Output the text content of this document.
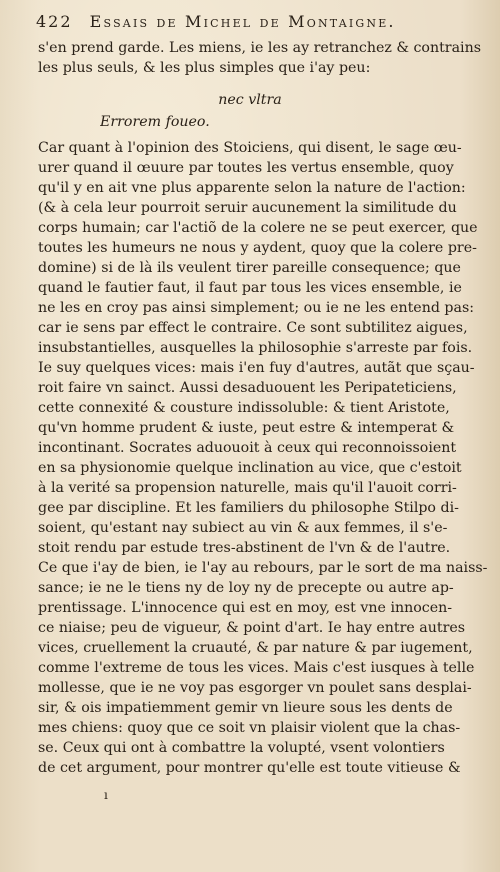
422 Essais de Michel de Montaigne.
s'en prend garde. Les miens, ie les ay retranchez & contrains
les plus seuls, & les plus simples que i'ay peu:
nec vltra
Errorem foueo.
Car quant à l'opinion des Stoiciens, qui disent, le sage œu-
urer quand il œuure par toutes les vertus ensemble, quoy
qu'il y en ait vne plus apparente selon la nature de l'action:
(& à cela leur pourroit seruir aucunement la similitude du
corps humain; car l'actiõ de la colere ne se peut exercer, que
toutes les humeurs ne nous y aydent, quoy que la colere pre-
domine) si de là ils veulent tirer pareille consequence; que
quand le fautier faut, il faut par tous les vices ensemble, ie
ne les en croy pas ainsi simplement; ou ie ne les entend pas:
car ie sens par effect le contraire. Ce sont subtilitez aigues,
insubstantielles, ausquelles la philosophie s'arreste par fois.
Ie suy quelques vices: mais i'en fuy d'autres, autãt que sçau-
roit faire vn sainct. Aussi desaduouent les Peripateticiens,
cette connexité & cousture indissoluble: & tient Aristote,
qu'vn homme prudent & iuste, peut estre & intemperat &
incontinant. Socrates aduouoit à ceux qui reconnoissoient
en sa physionomie quelque inclination au vice, que c'estoit
à la verité sa propension naturelle, mais qu'il l'auoit corri-
gee par discipline. Et les familiers du philosophe Stilpo di-
soient, qu'estant nay subiect au vin & aux femmes, il s'e-
stoit rendu par estude tres-abstinent de l'vn & de l'autre.
Ce que i'ay de bien, ie l'ay au rebours, par le sort de ma naiss-
sance; ie ne le tiens ny de loy ny de precepte ou autre ap-
prentissage. L'innocence qui est en moy, est vne innocen-
ce niaise; peu de vigueur, & point d'art. Ie hay entre autres
vices, cruellement la cruauté, & par nature & par iugement,
comme l'extreme de tous les vices. Mais c'est iusques à telle
mollesse, que ie ne voy pas esgorger vn poulet sans desplai-
sir, & ois impatiemment gemir vn lieure sous les dents de
mes chiens: quoy que ce soit vn plaisir violent que la chas-
se. Ceux qui ont à combattre la volupté, vsent volontiers
de cet argument, pour montrer qu'elle est toute vitieuse &
ı
